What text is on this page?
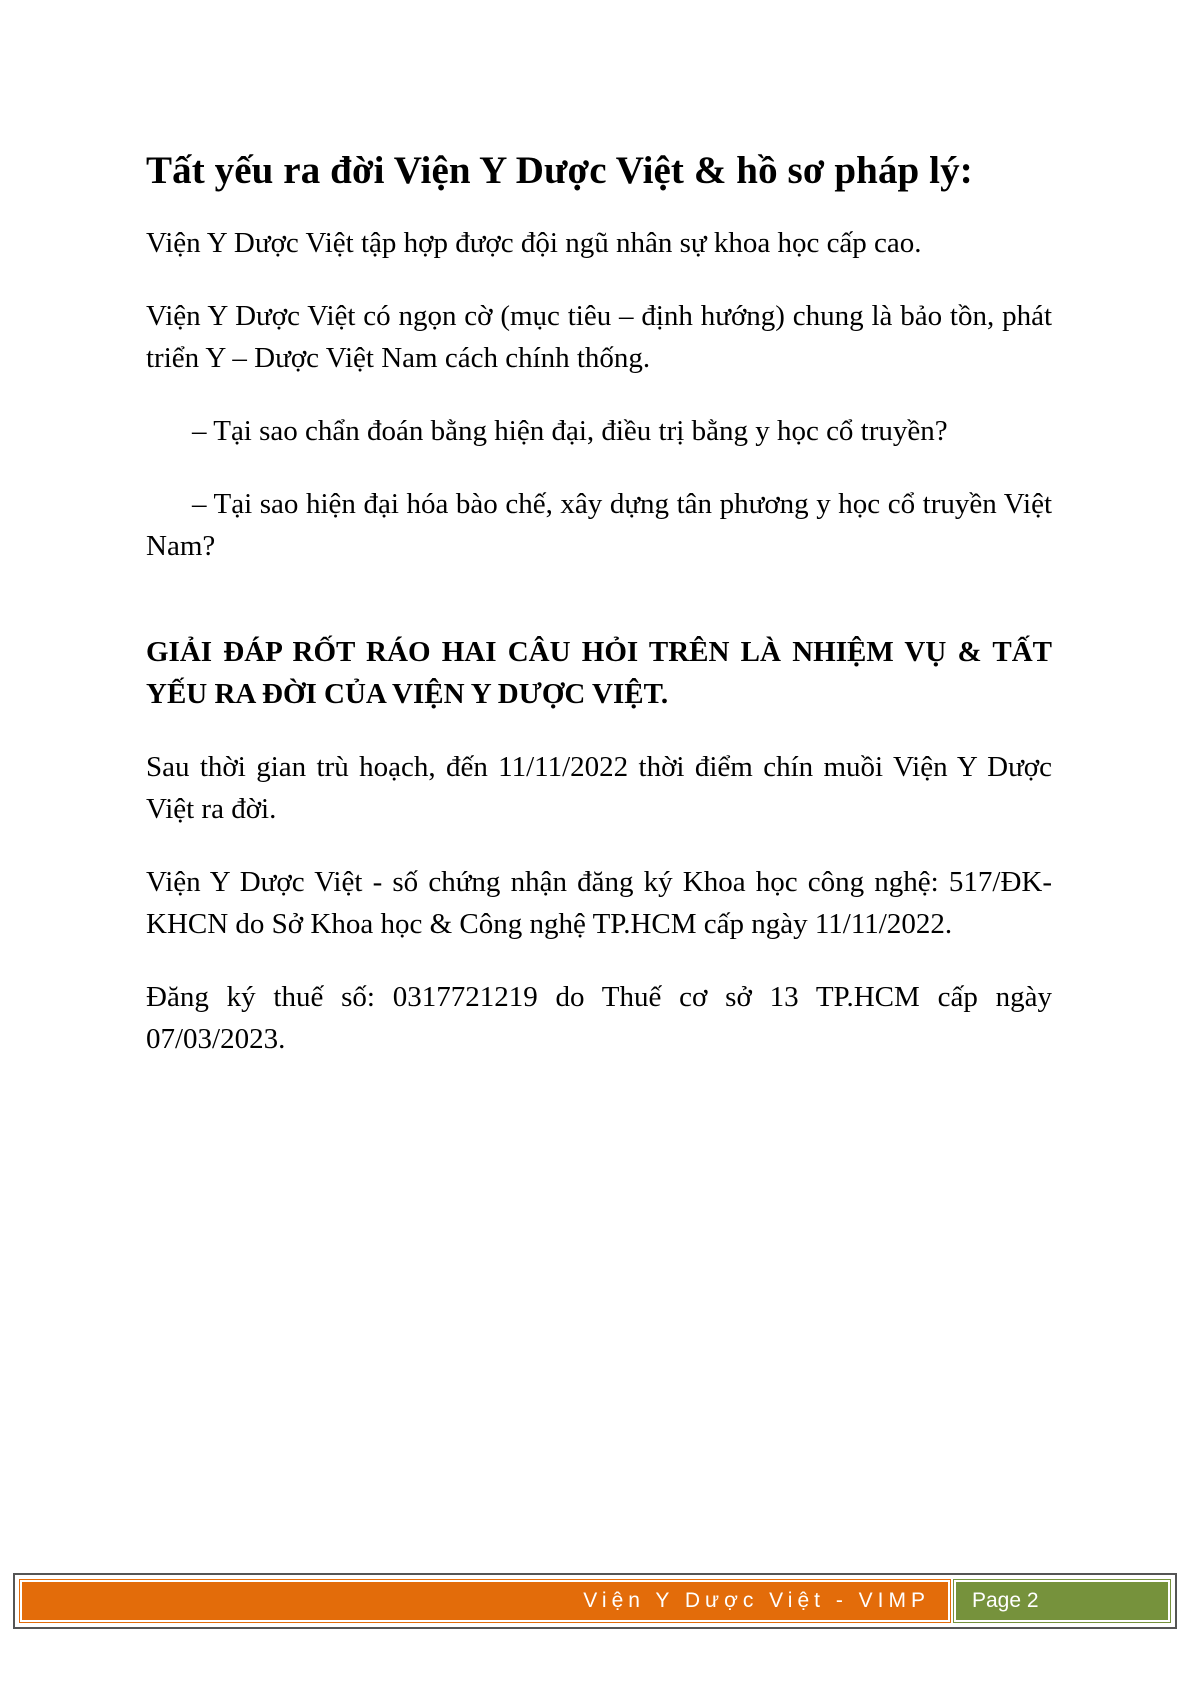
Tất yếu ra đời Viện Y Dược Việt & hồ sơ pháp lý:

Viện Y Dược Việt tập hợp được đội ngũ nhân sự khoa học cấp cao.

Viện Y Dược Việt có ngọn cờ (mục tiêu – định hướng) chung là bảo tồn, phát triển Y – Dược Việt Nam cách chính thống.

– Tại sao chẩn đoán bằng hiện đại, điều trị bằng y học cổ truyền?

– Tại sao hiện đại hóa bào chế, xây dựng tân phương y học cổ truyền Việt Nam?

GIẢI ĐÁP RỐT RÁO HAI CÂU HỎI TRÊN LÀ NHIỆM VỤ & TẤT YẾU RA ĐỜI CỦA VIỆN Y DƯỢC VIỆT.

Sau thời gian trù hoạch, đến 11/11/2022 thời điểm chín muồi Viện Y Dược Việt ra đời.

Viện Y Dược Việt - số chứng nhận đăng ký Khoa học công nghệ: 517/ĐK-KHCN do Sở Khoa học & Công nghệ TP.HCM cấp ngày 11/11/2022.

Đăng ký thuế số: 0317721219 do Thuế cơ sở 13 TP.HCM cấp ngày 07/03/2023.

Viện Y Dược Việt - VIMP Page 2
